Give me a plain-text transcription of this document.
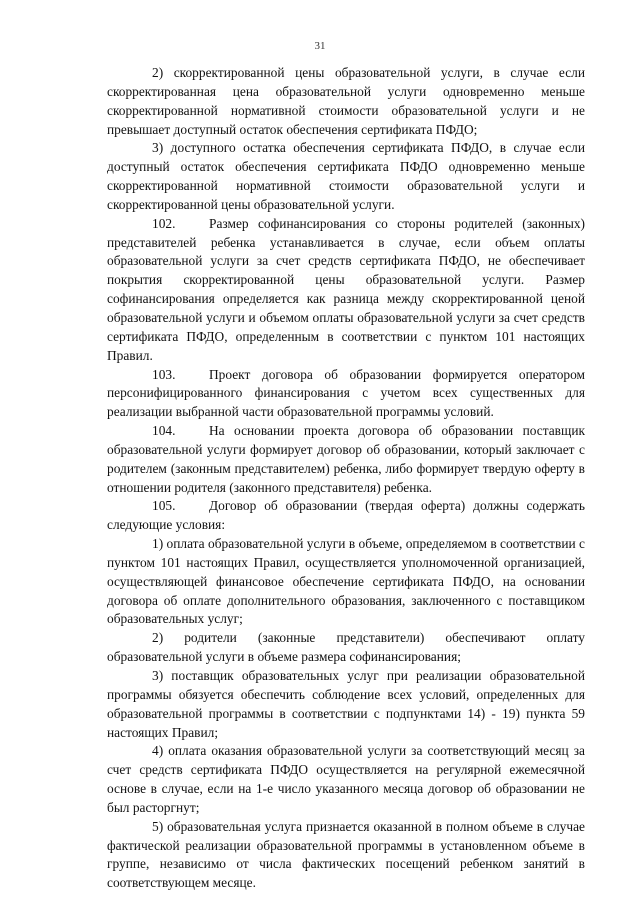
31

2) скорректированной цены образовательной услуги, в случае если скорректированная цена образовательной услуги одновременно меньше скорректированной нормативной стоимости образовательной услуги и не превышает доступный остаток обеспечения сертификата ПФДО;

3) доступного остатка обеспечения сертификата ПФДО, в случае если доступный остаток обеспечения сертификата ПФДО одновременно меньше скорректированной нормативной стоимости образовательной услуги и скорректированной цены образовательной услуги.

102.	Размер софинансирования со стороны родителей (законных) представителей ребенка устанавливается в случае, если объем оплаты образовательной услуги за счет средств сертификата ПФДО, не обеспечивает покрытия скорректированной цены образовательной услуги. Размер софинансирования определяется как разница между скорректированной ценой образовательной услуги и объемом оплаты образовательной услуги за счет средств сертификата ПФДО, определенным в соответствии с пунктом 101 настоящих Правил.

103.	Проект договора об образовании формируется оператором персонифицированного финансирования с учетом всех существенных для реализации выбранной части образовательной программы условий.

104.	На основании проекта договора об образовании поставщик образовательной услуги формирует договор об образовании, который заключает с родителем (законным представителем) ребенка, либо формирует твердую оферту в отношении родителя (законного представителя) ребенка.

105.	Договор об образовании (твердая оферта) должны содержать следующие условия:

1) оплата образовательной услуги в объеме, определяемом в соответствии с пунктом 101 настоящих Правил, осуществляется уполномоченной организацией, осуществляющей финансовое обеспечение сертификата ПФДО, на основании договора об оплате дополнительного образования, заключенного с поставщиком образовательных услуг;

2) родители (законные представители) обеспечивают оплату образовательной услуги в объеме размера софинансирования;

3) поставщик образовательных услуг при реализации образовательной программы обязуется обеспечить соблюдение всех условий, определенных для образовательной программы в соответствии с подпунктами 14) - 19) пункта 59 настоящих Правил;

4) оплата оказания образовательной услуги за соответствующий месяц за счет средств сертификата ПФДО осуществляется на регулярной ежемесячной основе в случае, если на 1-е число указанного месяца договор об образовании не был расторгнут;

5) образовательная услуга признается оказанной в полном объеме в случае фактической реализации образовательной программы в установленном объеме в группе, независимо от числа фактических посещений ребенком занятий в соответствующем месяце.
